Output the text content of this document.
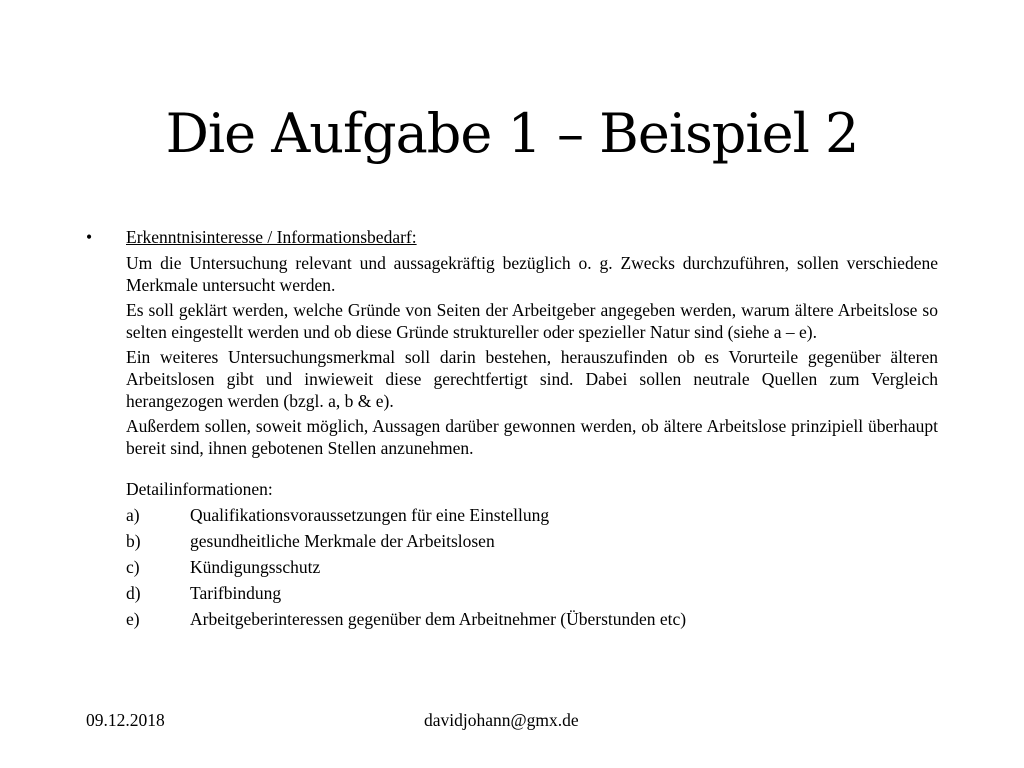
Die Aufgabe 1 – Beispiel 2
•	Erkenntnisinteresse / Informationsbedarf:

Um die Untersuchung relevant und aussagekräftig bezüglich o. g. Zwecks durchzuführen, sollen verschiedene Merkmale untersucht werden.

Es soll geklärt werden, welche Gründe von Seiten der Arbeitgeber angegeben werden, warum ältere Arbeitslose so selten eingestellt werden und ob diese Gründe struktureller oder spezieller Natur sind (siehe a – e).

Ein weiteres Untersuchungsmerkmal soll darin bestehen, herauszufinden ob es Vorurteile gegenüber älteren Arbeitslosen gibt und inwieweit diese gerechtfertigt sind. Dabei sollen neutrale Quellen zum Vergleich herangezogen werden (bzgl. a, b & e).

Außerdem sollen, soweit möglich, Aussagen darüber gewonnen werden, ob ältere Arbeitslose prinzipiell überhaupt bereit sind, ihnen gebotenen Stellen anzunehmen.

Detailinformationen:
a)	Qualifikationsvoraussetzungen für eine Einstellung
b)	gesundheitliche Merkmale der Arbeitslosen
c)	Kündigungsschutz
d)	Tarifbindung
e)	Arbeitgeberinteressen gegenüber dem Arbeitnehmer (Überstunden etc)
09.12.2018	davidjohann@gmx.de
